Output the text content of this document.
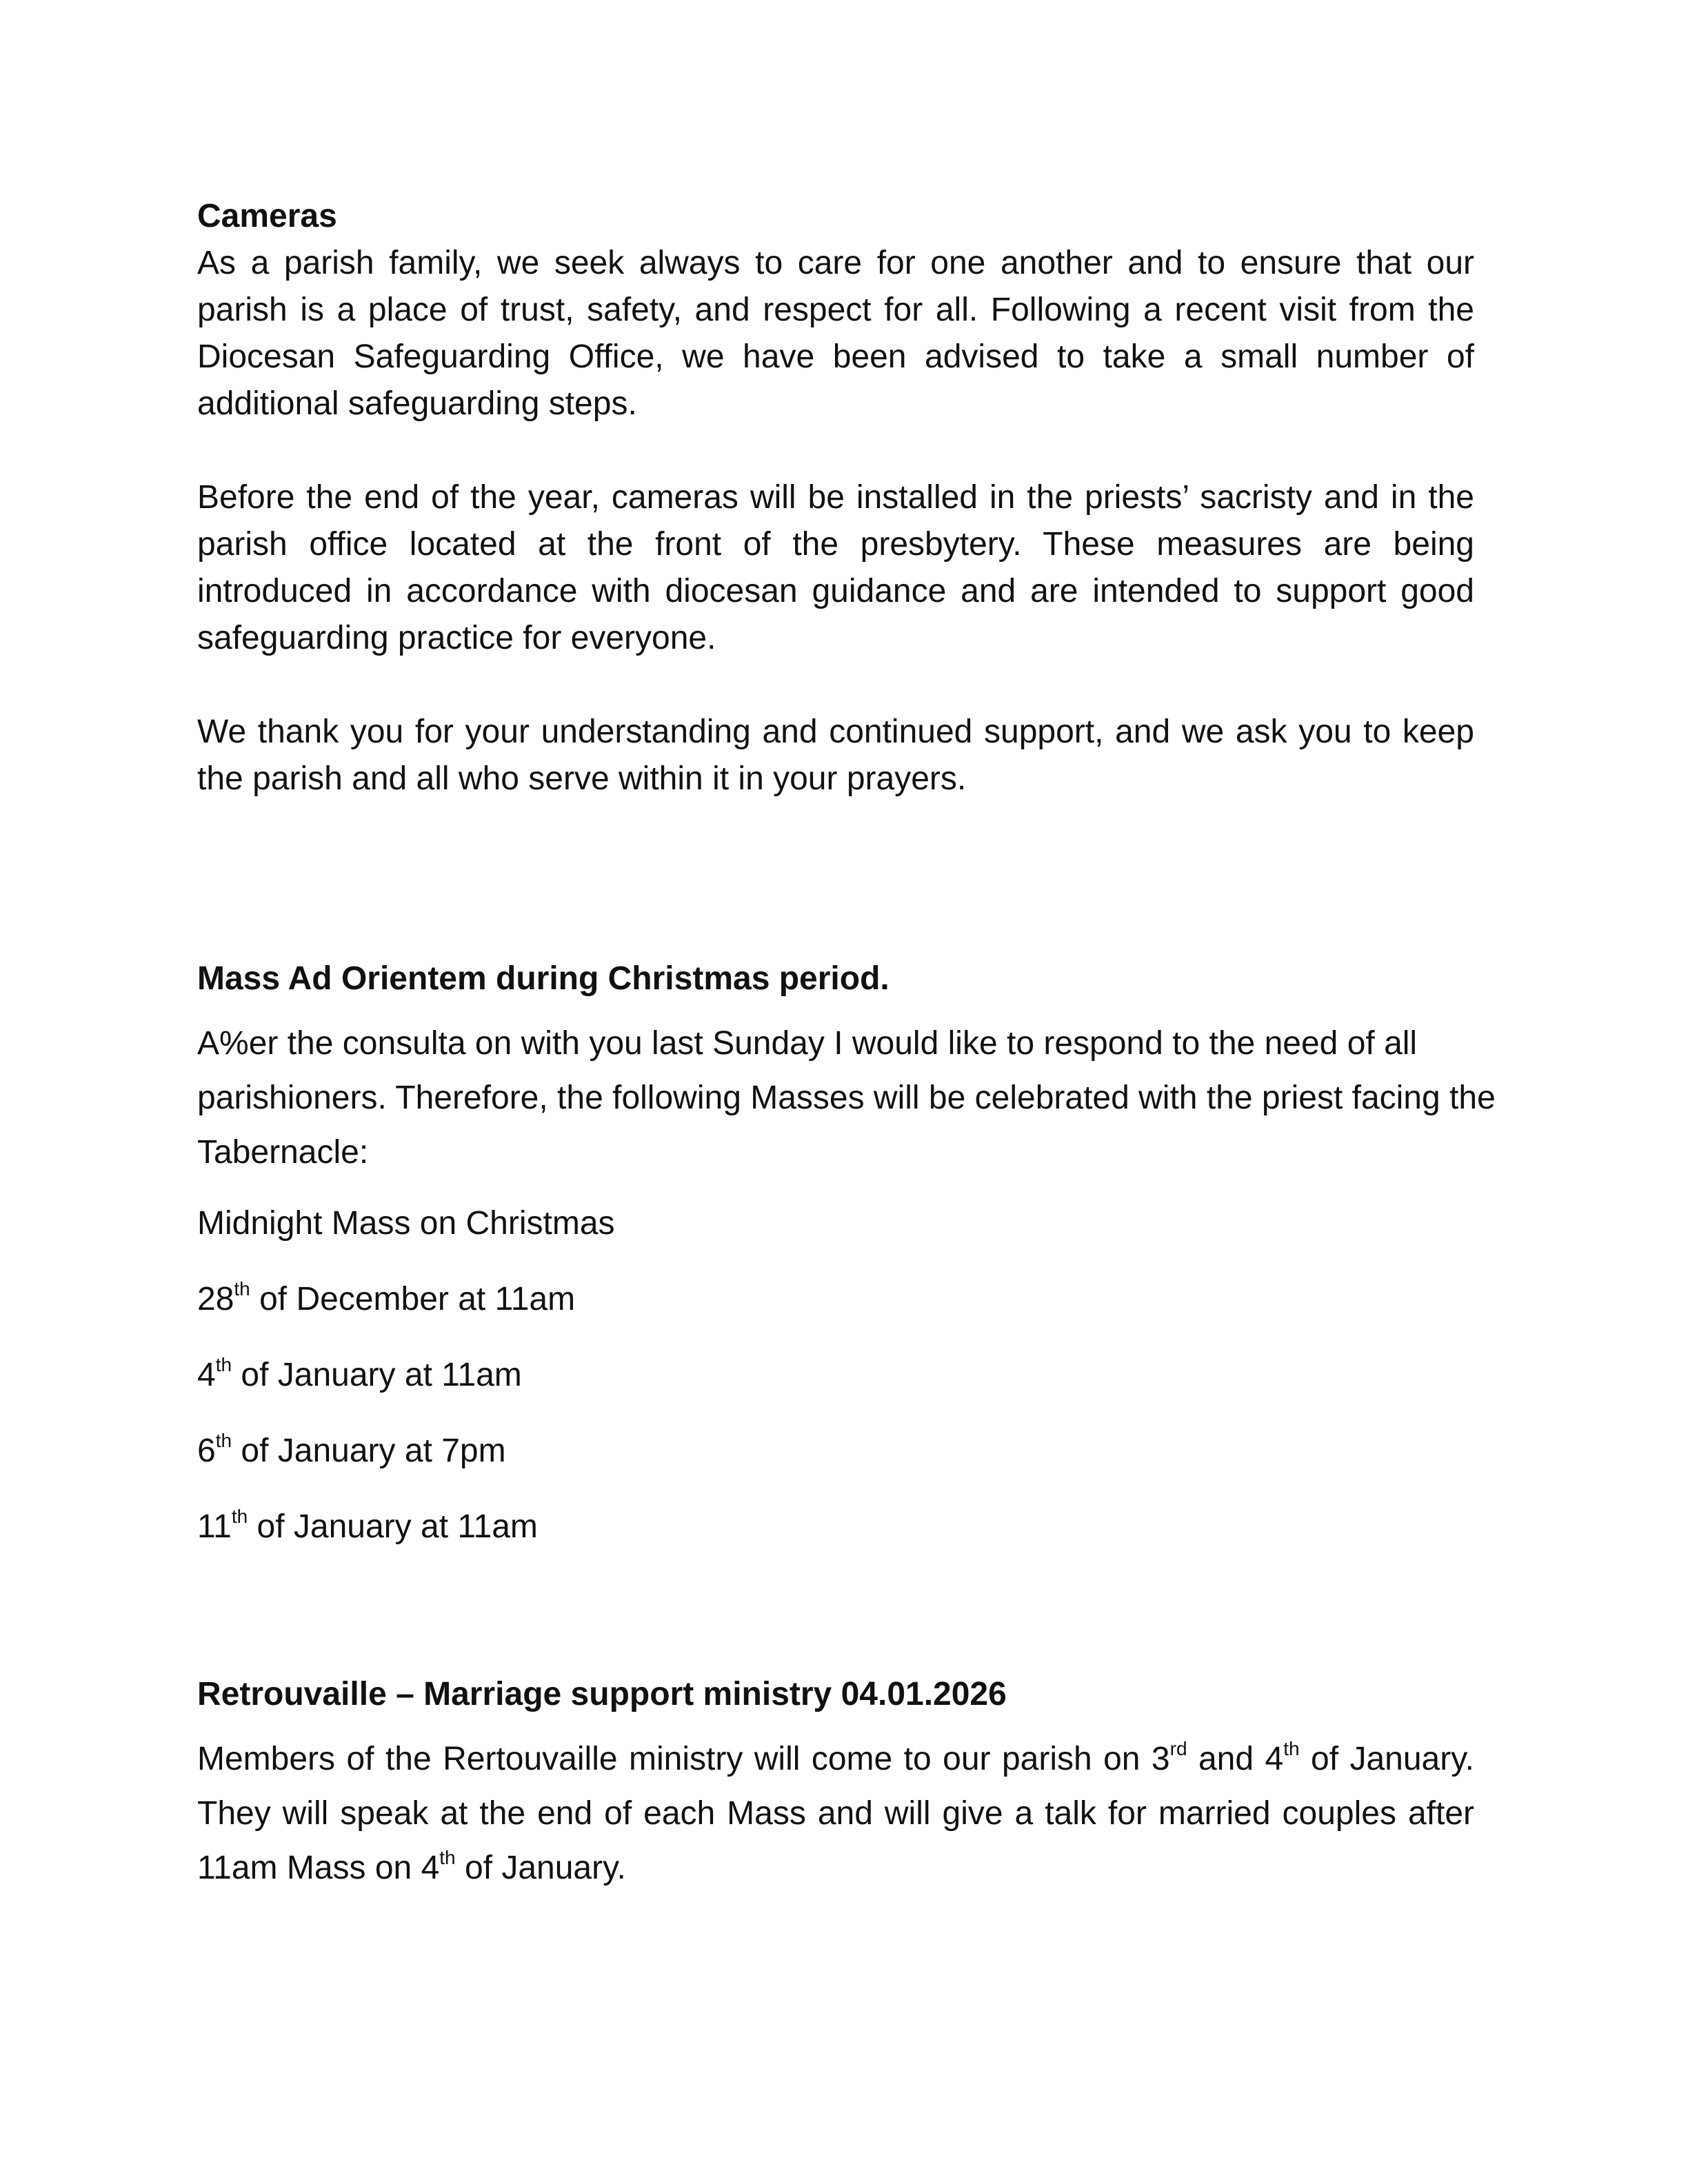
Cameras

As a parish family, we seek always to care for one another and to ensure that our parish is a place of trust, safety, and respect for all. Following a recent visit from the Diocesan Safeguarding Office, we have been advised to take a small number of additional safeguarding steps.

Before the end of the year, cameras will be installed in the priests’ sacristy and in the parish office located at the front of the presbytery. These measures are being introduced in accordance with diocesan guidance and are intended to support good safeguarding practice for everyone.

We thank you for your understanding and continued support, and we ask you to keep the parish and all who serve within it in your prayers.

Mass Ad Orientem during Christmas period.

A%er the consulta on with you last Sunday I would like to respond to the need of all parishioners. Therefore, the following Masses will be celebrated with the priest facing the Tabernacle:

Midnight Mass on Christmas

28th of December at 11am

4th of January at 11am

6th of January at 7pm

11th of January at 11am

Retrouvaille – Marriage support ministry 04.01.2026

Members of the Rertouvaille ministry will come to our parish on 3rd and 4th of January. They will speak at the end of each Mass and will give a talk for married couples after 11am Mass on 4th of January.
